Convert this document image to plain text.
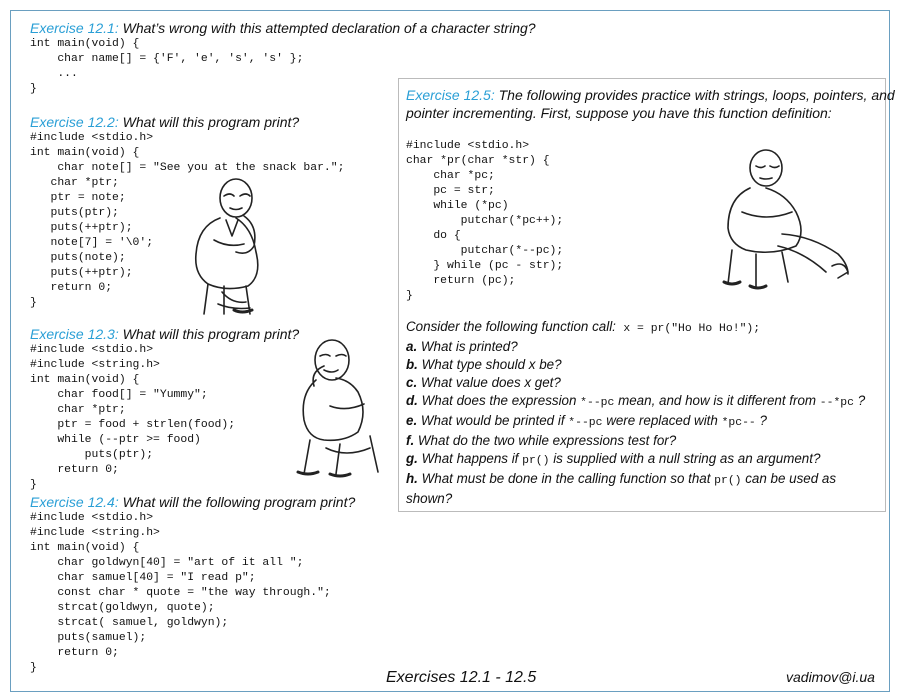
Exercise 12.1: What’s wrong with this attempted declaration of a character string?
int main(void) {
char name[] = {'F', 'e', 's', 's' };
...
}
Exercise 12.2: What will this program print?
#include <stdio.h>
int main(void) {
char note[] = "See you at the snack bar.";
char *ptr;
ptr = note;
puts(ptr);
puts(++ptr);
note[7] = '\0';
puts(note);
puts(++ptr);
return 0;
}
Exercise 12.3: What will this program print?
#include <stdio.h>
#include <string.h>
int main(void) {
char food[] = "Yummy";
char *ptr;
ptr = food + strlen(food);
while (--ptr >= food)
puts(ptr);
return 0;
}
Exercise 12.4: What will the following program print?
#include <stdio.h>
#include <string.h>
int main(void) {
char goldwyn[40] = "art of it all ";
char samuel[40] = "I read p";
const char * quote = "the way through.";
strcat(goldwyn, quote);
strcat( samuel, goldwyn);
puts(samuel);
return 0;
}
Exercise 12.5: The following provides practice with strings, loops, pointers, and
pointer incrementing. First, suppose you have this function definition:
#include <stdio.h>
char *pr(char *str) {
char *pc;
pc = str;
while (*pc)
putchar(*pc++);
do {
putchar(*--pc);
} while (pc - str);
return (pc);
}
Consider the following function call: x = pr("Ho Ho Ho!");
a. What is printed?
b. What type should x be?
c. What value does x get?
d. What does the expression *--pc mean, and how is it different from --*pc ?
e. What would be printed if *--pc were replaced with *pc-- ?
f. What do the two while expressions test for?
g. What happens if pr() is supplied with a null string as an argument?
h. What must be done in the calling function so that pr() can be used as
shown?
Exercises 12.1 - 12.5	vadimov@i.ua
